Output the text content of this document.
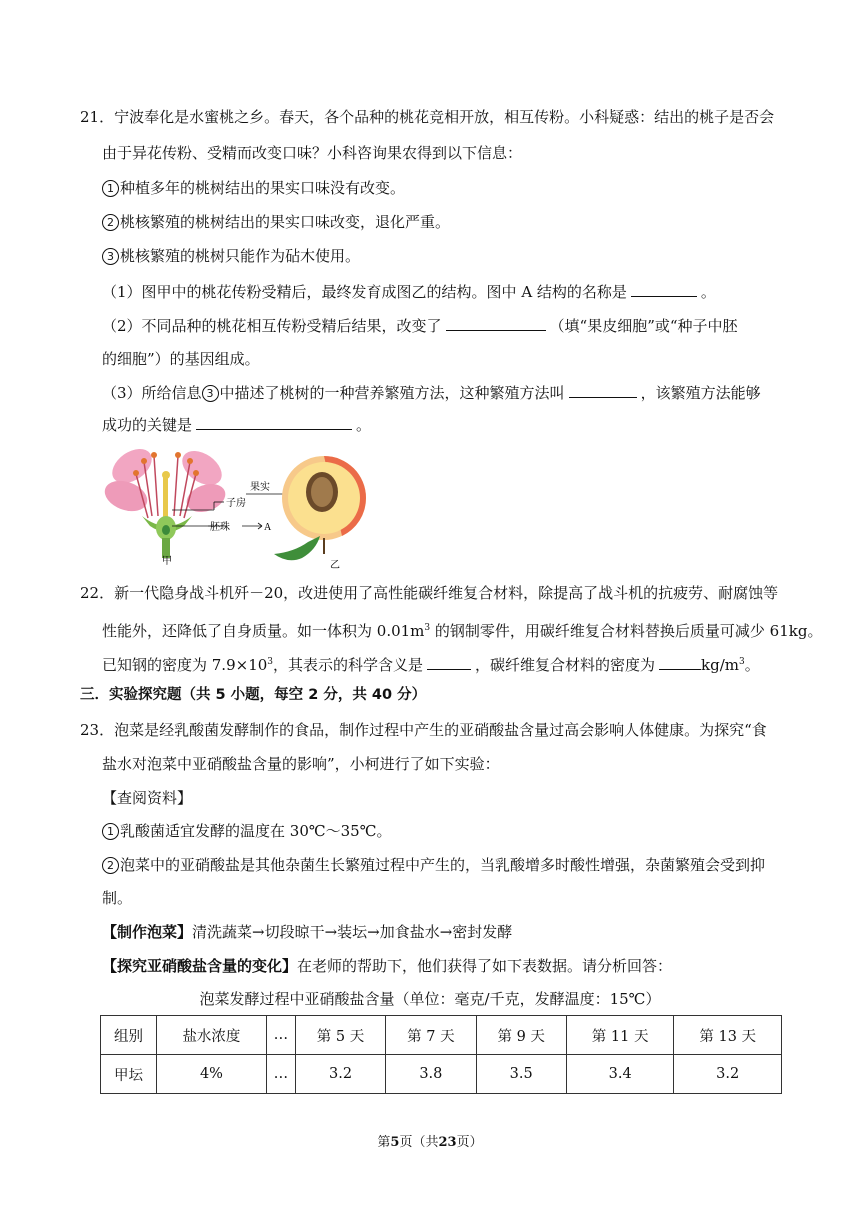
21．宁波奉化是水蜜桃之乡。春天，各个品种的桃花竞相开放，相互传粉。小科疑惑：结出的桃子是否会
由于异花传粉、受精而改变口味？小科咨询果农得到以下信息：
1 种植多年的桃树结出的果实口味没有改变。
2 桃核繁殖的桃树结出的果实口味改变，退化严重。
3 桃核繁殖的桃树只能作为砧木使用。
（1）图甲中的桃花传粉受精后，最终发育成图乙的结构。图中 A 结构的名称是	。
（2）不同品种的桃花相互传粉受精后结果，改变了	（填“果皮细胞”或“种子中胚
的细胞”）的基因组成。
（3）所给信息 3 中描述了桃树的一种营养繁殖方法，这种繁殖方法叫	，该繁殖方法能够
成功的关键是	。
子房
胚珠	A
果实
甲	乙
22．新一代隐身战斗机歼－20，改进使用了高性能碳纤维复合材料，除提高了战斗机的抗疲劳、耐腐蚀等
性能外，还降低了自身质量。如一体积为 $0.01m^3$ 的钢制零件，用碳纤维复合材料替换后质量可减少 61kg。
已知钢的密度为 $7.9\times 10^3$，其表示的科学含义是	，碳纤维复合材料的密度为	$kg/m^3$。
三．实验探究题（共 5 小题，每空 2 分，共 40 分）
23．泡菜是经乳酸菌发酵制作的食品，制作过程中产生的亚硝酸盐含量过高会影响人体健康。为探究“食
盐水对泡菜中亚硝酸盐含量的影响”，小柯进行了如下实验：
【查阅资料】
1 乳酸菌适宜发酵的温度在 30℃～35℃。
2 泡菜中的亚硝酸盐是其他杂菌生长繁殖过程中产生的，当乳酸增多时酸性增强，杂菌繁殖会受到抑
制。
【制作泡菜】清洗蔬菜→切段晾干→装坛→加食盐水→密封发酵
【探究亚硝酸盐含量的变化】在老师的帮助下，他们获得了如下表数据。请分析回答：
泡菜发酵过程中亚硝酸盐含量（单位：毫克/千克，发酵温度：15℃）
组别	盐水浓度	…	第 5 天	第 7 天	第 9 天	第 11 天	第 13 天
甲坛	4%	…	3.2	3.8	3.5	3.4	3.2
第5页（共23页）
